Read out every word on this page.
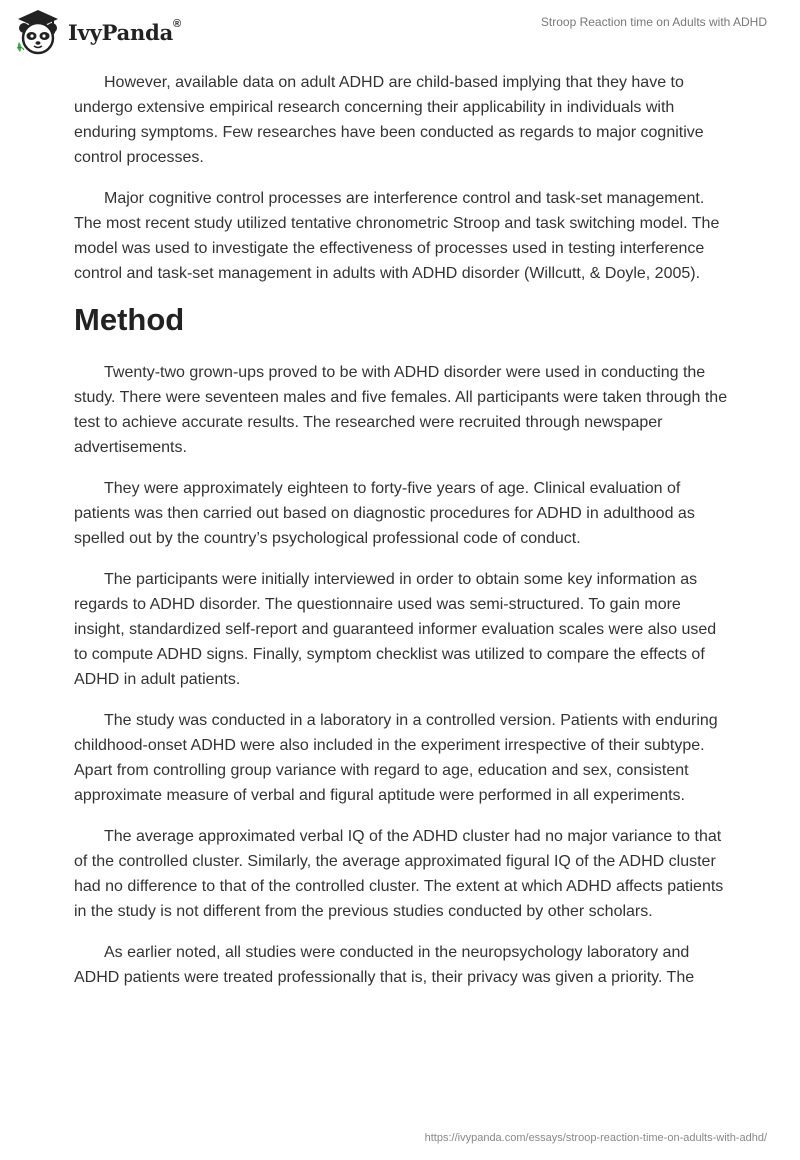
IvyPanda®	Stroop Reaction time on Adults with ADHD

However, available data on adult ADHD are child-based implying that they have to undergo extensive empirical research concerning their applicability in individuals with enduring symptoms. Few researches have been conducted as regards to major cognitive control processes.

Major cognitive control processes are interference control and task-set management. The most recent study utilized tentative chronometric Stroop and task switching model. The model was used to investigate the effectiveness of processes used in testing interference control and task-set management in adults with ADHD disorder (Willcutt, & Doyle, 2005).

Method

Twenty-two grown-ups proved to be with ADHD disorder were used in conducting the study. There were seventeen males and five females. All participants were taken through the test to achieve accurate results. The researched were recruited through newspaper advertisements.

They were approximately eighteen to forty-five years of age. Clinical evaluation of patients was then carried out based on diagnostic procedures for ADHD in adulthood as spelled out by the country’s psychological professional code of conduct.

The participants were initially interviewed in order to obtain some key information as regards to ADHD disorder. The questionnaire used was semi-structured. To gain more insight, standardized self-report and guaranteed informer evaluation scales were also used to compute ADHD signs. Finally, symptom checklist was utilized to compare the effects of ADHD in adult patients.

The study was conducted in a laboratory in a controlled version. Patients with enduring childhood-onset ADHD were also included in the experiment irrespective of their subtype. Apart from controlling group variance with regard to age, education and sex, consistent approximate measure of verbal and figural aptitude were performed in all experiments.

The average approximated verbal IQ of the ADHD cluster had no major variance to that of the controlled cluster. Similarly, the average approximated figural IQ of the ADHD cluster had no difference to that of the controlled cluster. The extent at which ADHD affects patients in the study is not different from the previous studies conducted by other scholars.

As earlier noted, all studies were conducted in the neuropsychology laboratory and ADHD patients were treated professionally that is, their privacy was given a priority. The

https://ivypanda.com/essays/stroop-reaction-time-on-adults-with-adhd/
